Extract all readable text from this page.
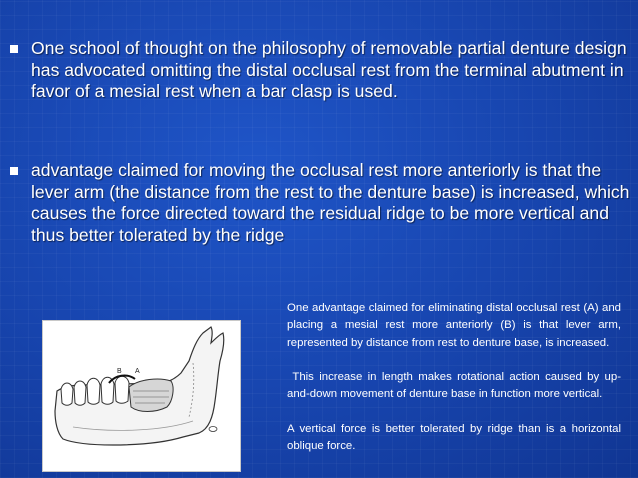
One school of thought on the philosophy of removable partial denture design has advocated omitting the distal occlusal rest from the terminal abutment in favor of a mesial rest when a bar clasp is used.
advantage claimed for moving the occlusal rest more anteriorly is that the lever arm (the distance from the rest to the denture base) is increased, which causes the force directed toward the residual ridge to be more vertical and thus better tolerated by the ridge
B A

One advantage claimed for eliminating distal occlusal rest (A) and placing a mesial rest more anteriorly (B) is that lever arm, represented by distance from rest to denture base, is increased.

This increase in length makes rotational action caused by up-and-down movement of denture base in function more vertical.

A vertical force is better tolerated by ridge than is a horizontal oblique force.
